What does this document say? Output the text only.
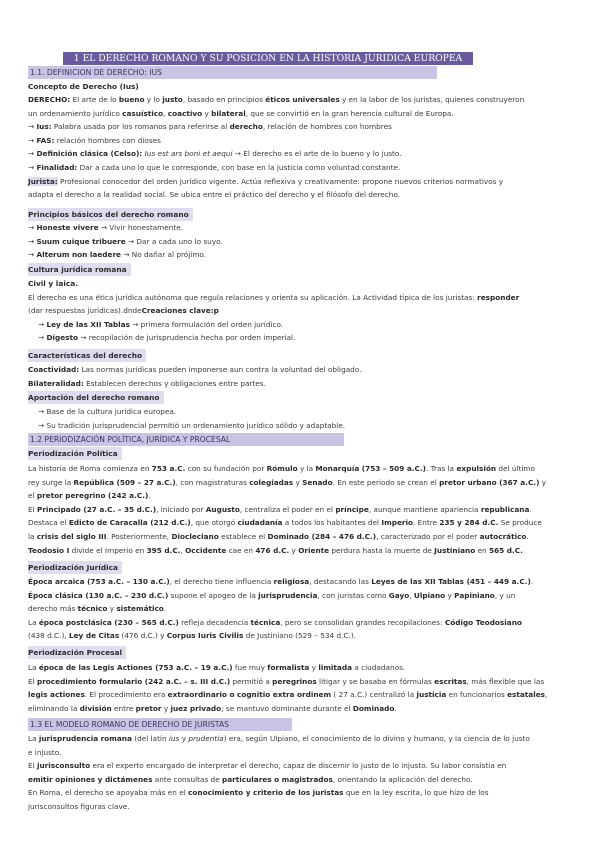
1 EL DERECHO ROMANO Y SU POSICION EN LA HISTORIA JURIDICA EUROPEA
1.1. DEFINICION DE DERECHO: IUS
Concepto de Derecho (Ius)
DERECHO: El arte de lo bueno y lo justo, basado en principios éticos universales y en la labor de los juristas, quienes construyeron
un ordenamiento jurídico casuístico, coactivo y bilateral, que se convirtió en la gran herencia cultural de Europa.
→ Ius: Palabra usada por los romanos para referirse al derecho, relación de hombres con hombres
→ FAS: relación hombres con dioses
→ Definición clásica (Celso): Ius est ars boni et aequi → El derecho es el arte de lo bueno y lo justo.
→ Finalidad: Dar a cada uno lo que le corresponde, con base en la justicia como voluntad constante.
Jurista: Profesional conocedor del orden jurídico vigente. Actúa reflexiva y creativamente: propone nuevos criterios normativos y
adapta el derecho a la realidad social. Se ubica entre el práctico del derecho y el filósofo del derecho.
Principios básicos del derecho romano
→ Honeste vivere → Vivir honestamente.
→ Suum cuique tribuere → Dar a cada uno lo suyo.
→ Alterum non laedere → No dañar al prójimo.
Cultura jurídica romana
Civil y laica.
El derecho es una ética jurídica autónoma que regula relaciones y orienta su aplicación. La Actividad típica de los juristas: responder
(dar respuestas jurídicas).dndeCreaciones clave:p
→ Ley de las XII Tablas → primera formulación del orden jurídico.
→ Digesto → recopilación de jurisprudencia hecha por orden imperial.
Características del derecho
Coactividad: Las normas jurídicas pueden imponerse aun contra la voluntad del obligado.
Bilateralidad: Establecen derechos y obligaciones entre partes.
Aportación del derecho romano
→ Base de la cultura jurídica europea.
→ Su tradición jurisprudencial permitió un ordenamiento jurídico sólido y adaptable.
1.2 PERIODIZACIÓN POLÍTICA, JURÍDICA Y PROCESAL
Periodización Política
La historia de Roma comienza en 753 a.C. con su fundación por Rómulo y la Monarquía (753 – 509 a.C.). Tras la expulsión del último
rey surge la República (509 – 27 a.C.), con magistraturas colegiadas y Senado. En este periodo se crean el pretor urbano (367 a.C.) y
el pretor peregrino (242 a.C.).
El Principado (27 a.C. – 35 d.C.), iniciado por Augusto, centraliza el poder en el príncipe, aunque mantiene apariencia republicana.
Destaca el Edicto de Caracalla (212 d.C.), que otorgó ciudadanía a todos los habitantes del Imperio. Entre 235 y 284 d.C. Se produce
la crisis del siglo III. Posteriormente, Diocleciano establece el Dominado (284 – 476 d.C.), caracterizado por el poder autocrático.
Teodosio I divide el Imperio en 395 d.C., Occidente cae en 476 d.C. y Oriente perdura hasta la muerte de Justiniano en 565 d.C.
Periodización Jurídica
Época arcaica (753 a.C. – 130 a.C.), el derecho tiene influencia religiosa, destacando las Leyes de las XII Tablas (451 – 449 a.C.).
Época clásica (130 a.C. – 230 d.C.) supone el apogeo de la jurisprudencia, con juristas como Gayo, Ulpiano y Papiniano, y un
derecho más técnico y sistemático.
La época postclásica (230 – 565 d.C.) refleja decadencia técnica, pero se consolidan grandes recopilaciones: Código Teodosiano
(438 d.C.), Ley de Citas (476 d.C.) y Corpus Iuris Civilis de Justiniano (529 – 534 d.C.).
Periodización Procesal
La época de las Legis Actiones (753 a.C. – 19 a.C.) fue muy formalista y limitada a ciudadanos.
El procedimiento formulario (242 a.C. – s. III d.C.) permitió a peregrinos litigar y se basaba en fórmulas escritas, más flexible que las
legis actiones. El procedimiento era extraordinario o cognitio extra ordinem ( 27 a.C.) centralizó la justicia en funcionarios estatales,
eliminando la división entre pretor y juez privado; se mantuvo dominante durante el Dominado.
1.3 EL MODELO ROMANO DE DERECHO DE JURISTAS
La jurisprudencia romana (del latín ius y prudentia) era, según Ulpiano, el conocimiento de lo divino y humano, y la ciencia de lo justo
e injusto.
El jurisconsulto era el experto encargado de interpretar el derecho, capaz de discernir lo justo de lo injusto. Su labor consistía en
emitir opiniones y dictámenes ante consultas de particulares o magistrados, orientando la aplicación del derecho.
En Roma, el derecho se apoyaba más en el conocimiento y criterio de los juristas que en la ley escrita, lo que hizo de los
jurisconsultos figuras clave.
